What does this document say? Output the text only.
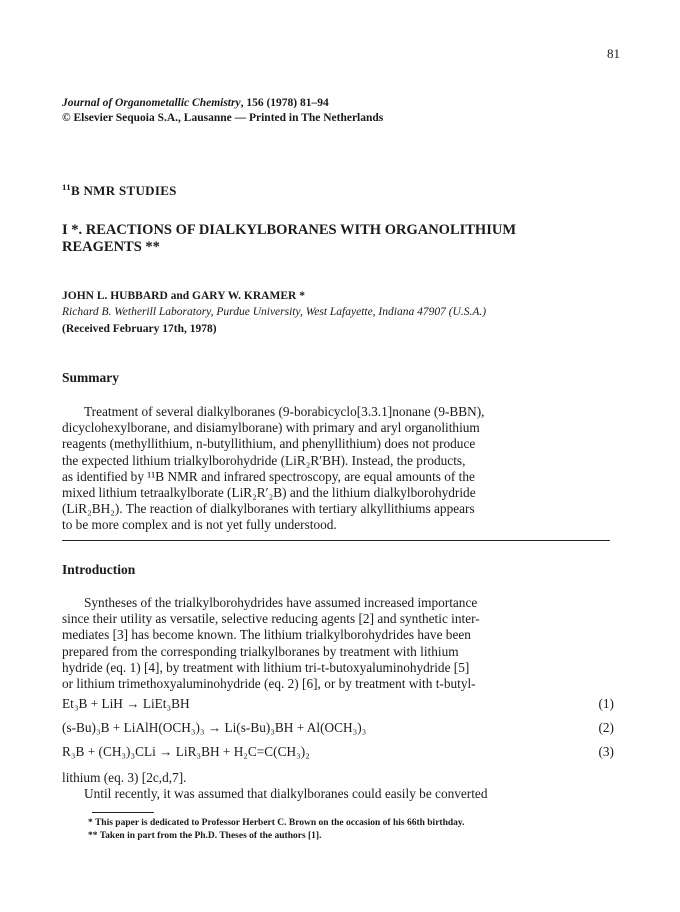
81
Journal of Organometallic Chemistry, 156 (1978) 81–94
© Elsevier Sequoia S.A., Lausanne — Printed in The Netherlands
$^{11}$B NMR STUDIES
I *. REACTIONS OF DIALKYLBORANES WITH ORGANOLITHIUM
REAGENTS **
JOHN L. HUBBARD and GARY W. KRAMER *
Richard B. Wetherill Laboratory, Purdue University, West Lafayette, Indiana 47907 (U.S.A.)
(Received February 17th, 1978)
Summary
Treatment of several dialkylboranes (9-borabicyclo[3.3.1]nonane (9-BBN),
dicyclohexylborane, and disiamylborane) with primary and aryl organolithium
reagents (methyllithium, n-butyllithium, and phenyllithium) does not produce
the expected lithium trialkylborohydride (LiR₂R′BH). Instead, the products,
as identified by ¹¹B NMR and infrared spectroscopy, are equal amounts of the
mixed lithium tetraalkylborate (LiR₂R′₂B) and the lithium dialkylborohydride
(LiR₂BH₂). The reaction of dialkylboranes with tertiary alkyllithiums appears
to be more complex and is not yet fully understood.
Introduction
Syntheses of the trialkylborohydrides have assumed increased importance
since their utility as versatile, selective reducing agents [2] and synthetic inter-
mediates [3] has become known. The lithium trialkylborohydrides have been
prepared from the corresponding trialkylboranes by treatment with lithium
hydride (eq. 1) [4], by treatment with lithium tri-t-butoxyaluminohydride [5]
or lithium trimethoxyaluminohydride (eq. 2) [6], or by treatment with t-butyl-
Et₃B + LiH → LiEt₃BH	(1)
(s-Bu)₃B + LiAlH(OCH₃)₃ → Li(s-Bu)₃BH + Al(OCH₃)₃	(2)
R₃B + (CH₃)₃CLi → LiR₃BH + H₂C=C(CH₃)₂	(3)
lithium (eq. 3) [2c,d,7].
Until recently, it was assumed that dialkylboranes could easily be converted
* This paper is dedicated to Professor Herbert C. Brown on the occasion of his 66th birthday.
** Taken in part from the Ph.D. Theses of the authors [1].
